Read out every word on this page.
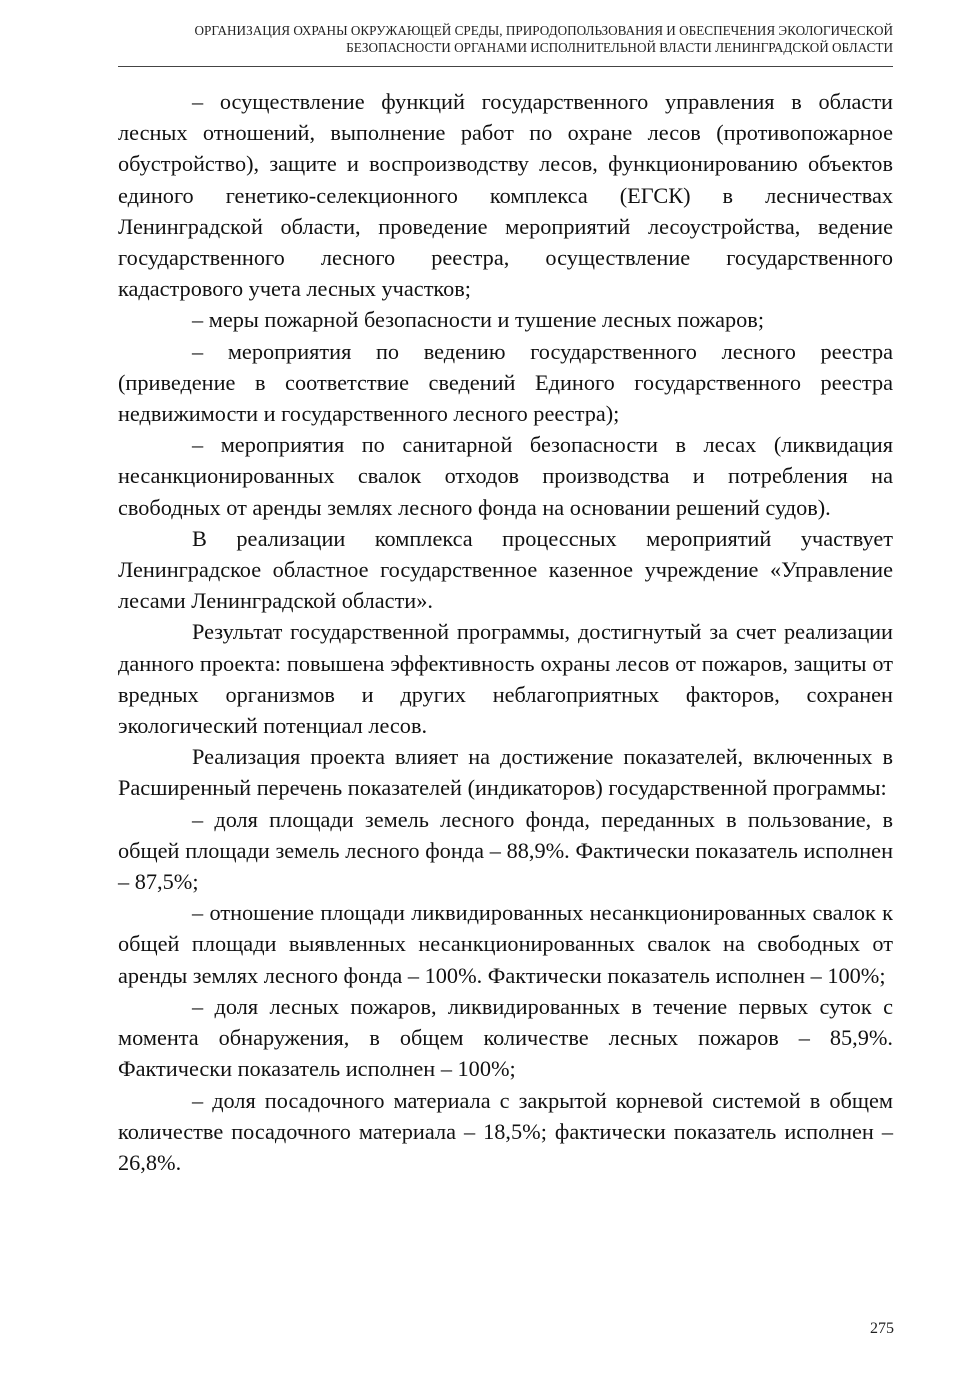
ОРГАНИЗАЦИЯ ОХРАНЫ ОКРУЖАЮЩЕЙ СРЕДЫ, ПРИРОДОПОЛЬЗОВАНИЯ И ОБЕСПЕЧЕНИЯ ЭКОЛОГИЧЕСКОЙ
БЕЗОПАСНОСТИ ОРГАНАМИ ИСПОЛНИТЕЛЬНОЙ ВЛАСТИ ЛЕНИНГРАДСКОЙ ОБЛАСТИ

– осуществление функций государственного управления в области лесных отношений, выполнение работ по охране лесов (противопожарное обустройство), защите и воспроизводству лесов, функционированию объектов единого генетико-селекционного комплекса (ЕГСК) в лесничествах Ленинградской области, проведение мероприятий лесоустройства, ведение государственного лесного реестра, осуществление государственного кадастрового учета лесных участков;

– меры пожарной безопасности и тушение лесных пожаров;

– мероприятия по ведению государственного лесного реестра (приведение в соответствие сведений Единого государственного реестра недвижимости и государственного лесного реестра);

– мероприятия по санитарной безопасности в лесах (ликвидация несанкционированных свалок отходов производства и потребления на свободных от аренды землях лесного фонда на основании решений судов).

В реализации комплекса процессных мероприятий участвует Ленинградское областное государственное казенное учреждение «Управление лесами Ленинградской области».

Результат государственной программы, достигнутый за счет реализации данного проекта: повышена эффективность охраны лесов от пожаров, защиты от вредных организмов и других неблагоприятных факторов, сохранен экологический потенциал лесов.

Реализация проекта влияет на достижение показателей, включенных в Расширенный перечень показателей (индикаторов) государственной программы:

– доля площади земель лесного фонда, переданных в пользование, в общей площади земель лесного фонда – 88,9%. Фактически показатель исполнен – 87,5%;

– отношение площади ликвидированных несанкционированных свалок к общей площади выявленных несанкционированных свалок на свободных от аренды землях лесного фонда – 100%. Фактически показатель исполнен – 100%;

– доля лесных пожаров, ликвидированных в течение первых суток с момента обнаружения, в общем количестве лесных пожаров – 85,9%. Фактически показатель исполнен – 100%;

– доля посадочного материала с закрытой корневой системой в общем количестве посадочного материала – 18,5%; фактически показатель исполнен – 26,8%.

275
